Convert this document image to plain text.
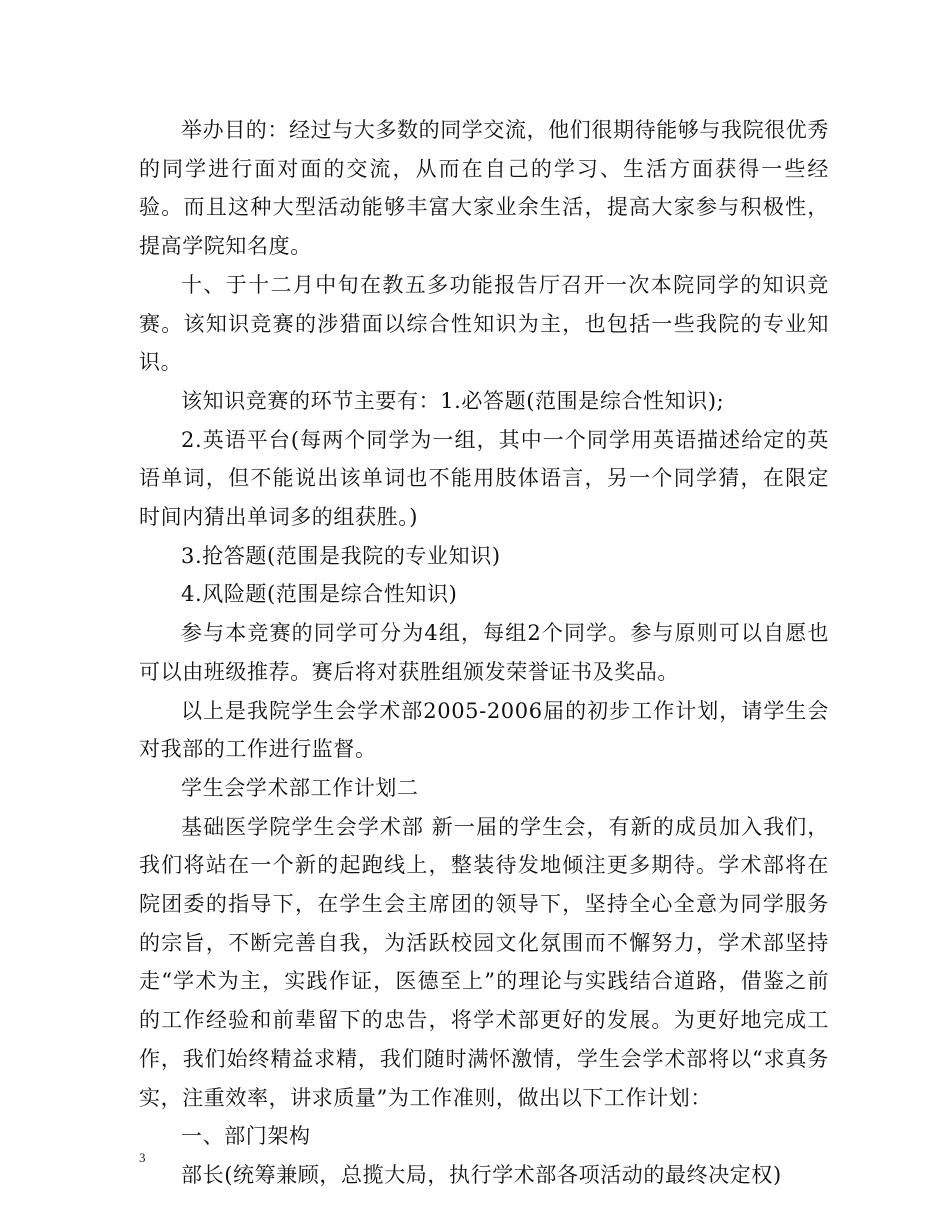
举办目的：经过与大多数的同学交流，他们很期待能够与我院很优秀的同学进行面对面的交流，从而在自己的学习、生活方面获得一些经验。而且这种大型活动能够丰富大家业余生活，提高大家参与积极性，提高学院知名度。

十、于十二月中旬在教五多功能报告厅召开一次本院同学的知识竞赛。该知识竞赛的涉猎面以综合性知识为主，也包括一些我院的专业知识。

该知识竞赛的环节主要有：1.必答题(范围是综合性知识);

2.英语平台(每两个同学为一组，其中一个同学用英语描述给定的英语单词，但不能说出该单词也不能用肢体语言，另一个同学猜，在限定时间内猜出单词多的组获胜。)

3.抢答题(范围是我院的专业知识)

4.风险题(范围是综合性知识)

参与本竞赛的同学可分为4组，每组2个同学。参与原则可以自愿也可以由班级推荐。赛后将对获胜组颁发荣誉证书及奖品。

以上是我院学生会学术部2005-2006届的初步工作计划，请学生会对我部的工作进行监督。

学生会学术部工作计划二

基础医学院学生会学术部 新一届的学生会，有新的成员加入我们，我们将站在一个新的起跑线上，整装待发地倾注更多期待。学术部将在院团委的指导下，在学生会主席团的领导下，坚持全心全意为同学服务的宗旨，不断完善自我，为活跃校园文化氛围而不懈努力，学术部坚持走“学术为主，实践作证，医德至上”的理论与实践结合道路，借鉴之前的工作经验和前辈留下的忠告，将学术部更好的发展。为更好地完成工作，我们始终精益求精，我们随时满怀激情，学生会学术部将以“求真务实，注重效率，讲求质量”为工作准则，做出以下工作计划：

一、部门架构

部长(统筹兼顾，总揽大局，执行学术部各项活动的最终决定权)

3
